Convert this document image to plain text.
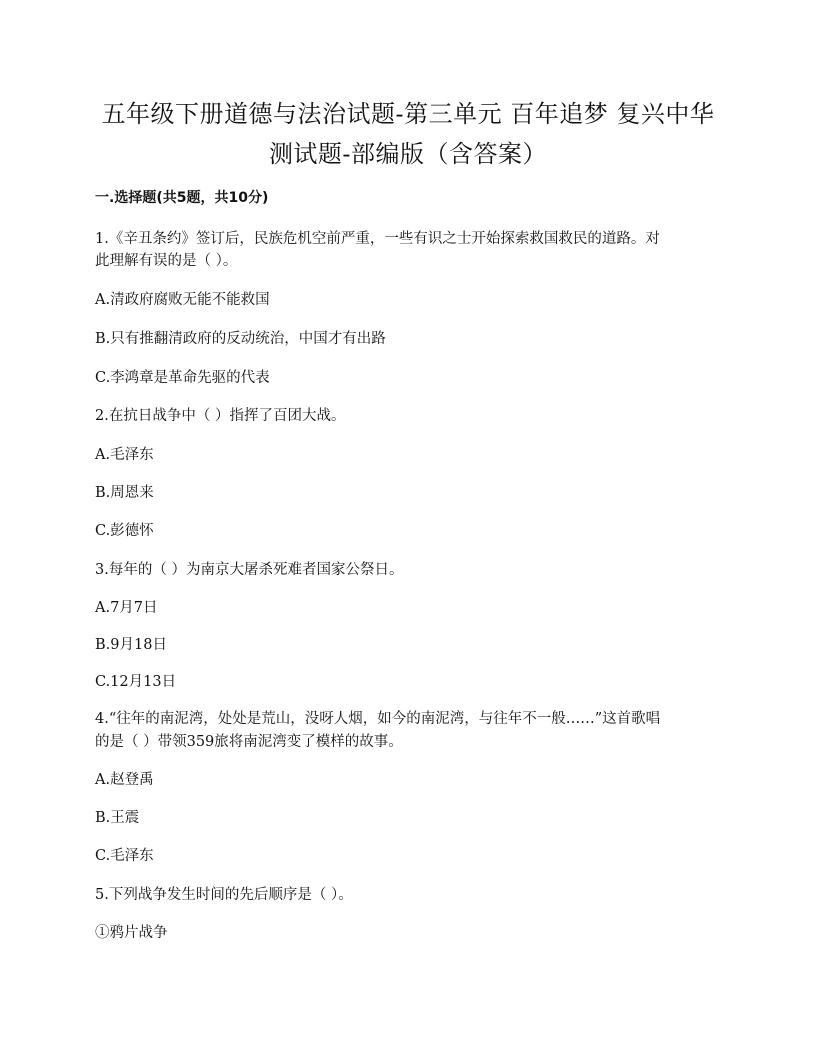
五年级下册道德与法治试题-第三单元 百年追梦 复兴中华
测试题-部编版（含答案）
一.选择题(共5题，共10分)
1.《辛丑条约》签订后，民族危机空前严重，一些有识之士开始探索救国救民的道路。对
此理解有误的是（ ）。
A.清政府腐败无能不能救国
B.只有推翻清政府的反动统治，中国才有出路
C.李鸿章是革命先驱的代表
2.在抗日战争中（ ）指挥了百团大战。
A.毛泽东
B.周恩来
C.彭德怀
3.每年的（ ）为南京大屠杀死难者国家公祭日。
A.7月7日
B.9月18日
C.12月13日
4.“往年的南泥湾，处处是荒山，没呀人烟，如今的南泥湾，与往年不一般……”这首歌唱
的是（ ）带领359旅将南泥湾变了模样的故事。
A.赵登禹
B.王震
C.毛泽东
5.下列战争发生时间的先后顺序是（ ）。
①鸦片战争
